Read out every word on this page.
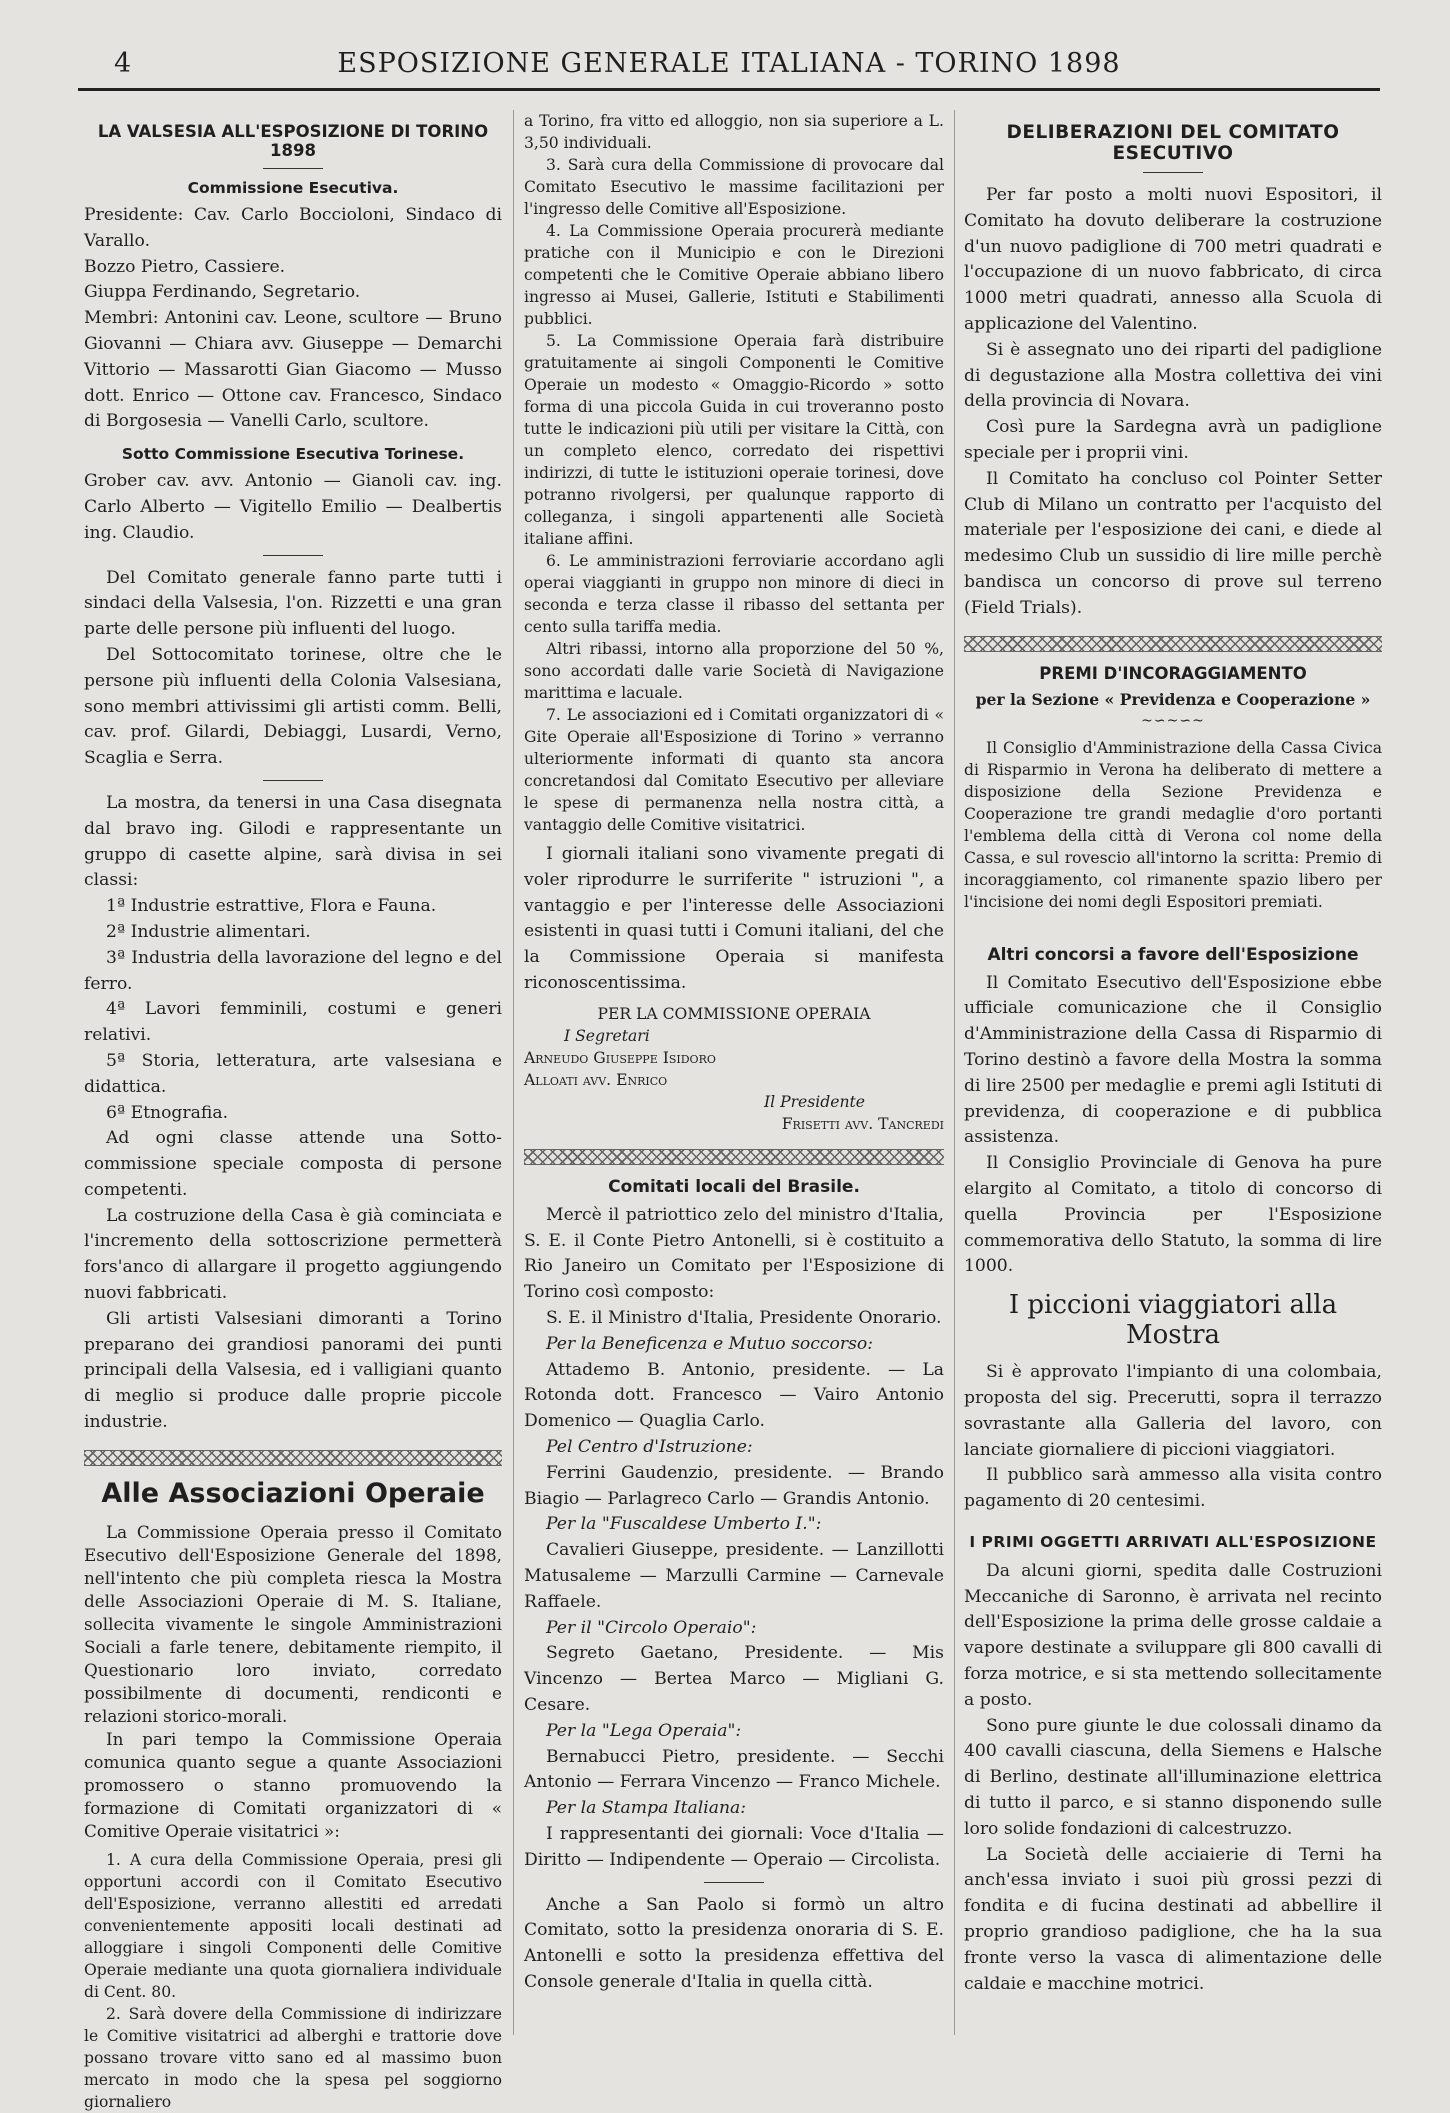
4	ESPOSIZIONE GENERALE ITALIANA - TORINO 1898
LA VALSESIA ALL'ESPOSIZIONE DI TORINO 1898
Commissione Esecutiva.

Presidente: Cav. Carlo Boccioloni, Sindaco di Varallo.

Bozzo Pietro, Cassiere.

Giuppa Ferdinando, Segretario.

Membri: Antonini cav. Leone, scultore — Bruno Giovanni — Chiara avv. Giuseppe — Demarchi Vittorio — Massarotti Gian Giacomo — Musso dott. Enrico — Ottone cav. Francesco, Sindaco di Borgosesia — Vanelli Carlo, scultore.

Sotto Commissione Esecutiva Torinese.

Grober cav. avv. Antonio — Gianoli cav. ing. Carlo Alberto — Vigitello Emilio — Dealbertis ing. Claudio.

Del Comitato generale fanno parte tutti i sindaci della Valsesia, l'on. Rizzetti e una gran parte delle persone più influenti del luogo.

Del Sottocomitato torinese, oltre che le persone più influenti della Colonia Valsesiana, sono membri attivissimi gli artisti comm. Belli, cav. prof. Gilardi, Debiaggi, Lusardi, Verno, Scaglia e Serra.

La mostra, da tenersi in una Casa disegnata dal bravo ing. Gilodi e rappresentante un gruppo di casette alpine, sarà divisa in sei classi:

1ª Industrie estrattive, Flora e Fauna.

2ª Industrie alimentari.

3ª Industria della lavorazione del legno e del ferro.

4ª Lavori femminili, costumi e generi relativi.

5ª Storia, letteratura, arte valsesiana e didattica.

6ª Etnografia.

Ad ogni classe attende una Sotto-commissione speciale composta di persone competenti.

La costruzione della Casa è già cominciata e l'incremento della sottoscrizione permetterà fors'anco di allargare il progetto aggiungendo nuovi fabbricati.

Gli artisti Valsesiani dimoranti a Torino preparano dei grandiosi panorami dei punti principali della Valsesia, ed i valligiani quanto di meglio si produce dalle proprie piccole industrie.

Alle Associazioni Operaie

La Commissione Operaia presso il Comitato Esecutivo dell'Esposizione Generale del 1898, nell'intento che più completa riesca la Mostra delle Associazioni Operaie di M. S. Italiane, sollecita vivamente le singole Amministrazioni Sociali a farle tenere, debitamente riempito, il Questionario loro inviato, corredato possibilmente di documenti, rendiconti e relazioni storico-morali.

In pari tempo la Commissione Operaia comunica quanto segue a quante Associazioni promossero o stanno promuovendo la formazione di Comitati organizzatori di « Comitive Operaie visitatrici »:

1. A cura della Commissione Operaia, presi gli opportuni accordi con il Comitato Esecutivo dell'Esposizione, verranno allestiti ed arredati convenientemente appositi locali destinati ad alloggiare i singoli Componenti delle Comitive Operaie mediante una quota giornaliera individuale di Cent. 80.

2. Sarà dovere della Commissione di indirizzare le Comitive visitatrici ad alberghi e trattorie dove possano trovare vitto sano ed al massimo buon mercato in modo che la spesa pel soggiorno giornaliero

a Torino, fra vitto ed alloggio, non sia superiore a L. 3,50 individuali.

3. Sarà cura della Commissione di provocare dal Comitato Esecutivo le massime facilitazioni per l'ingresso delle Comitive all'Esposizione.

4. La Commissione Operaia procurerà mediante pratiche con il Municipio e con le Direzioni competenti che le Comitive Operaie abbiano libero ingresso ai Musei, Gallerie, Istituti e Stabilimenti pubblici.

5. La Commissione Operaia farà distribuire gratuitamente ai singoli Componenti le Comitive Operaie un modesto « Omaggio-Ricordo » sotto forma di una piccola Guida in cui troveranno posto tutte le indicazioni più utili per visitare la Città, con un completo elenco, corredato dei rispettivi indirizzi, di tutte le istituzioni operaie torinesi, dove potranno rivolgersi, per qualunque rapporto di colleganza, i singoli appartenenti alle Società italiane affini.

6. Le amministrazioni ferroviarie accordano agli operai viaggianti in gruppo non minore di dieci in seconda e terza classe il ribasso del settanta per cento sulla tariffa media.

Altri ribassi, intorno alla proporzione del 50 %, sono accordati dalle varie Società di Navigazione marittima e lacuale.

7. Le associazioni ed i Comitati organizzatori di « Gite Operaie all'Esposizione di Torino » verranno ulteriormente informati di quanto sta ancora concretandosi dal Comitato Esecutivo per alleviare le spese di permanenza nella nostra città, a vantaggio delle Comitive visitatrici.

I giornali italiani sono vivamente pregati di voler riprodurre le surriferite " istruzioni ", a vantaggio e per l'interesse delle Associazioni esistenti in quasi tutti i Comuni italiani, del che la Commissione Operaia si manifesta riconoscentissima.

PER LA COMMISSIONE OPERAIA

I Segretari

Arneudo Giuseppe Isidoro

Alloati avv. Enrico

Il Presidente

Frisetti avv. Tancredi

Comitati locali del Brasile.

Mercè il patriottico zelo del ministro d'Italia, S. E. il Conte Pietro Antonelli, si è costituito a Rio Janeiro un Comitato per l'Esposizione di Torino così composto:

S. E. il Ministro d'Italia, Presidente Onorario.

Per la Beneficenza e Mutuo soccorso:

Attademo B. Antonio, presidente. — La Rotonda dott. Francesco — Vairo Antonio Domenico — Quaglia Carlo.

Pel Centro d'Istruzione:

Ferrini Gaudenzio, presidente. — Brando Biagio — Parlagreco Carlo — Grandis Antonio.

Per la "Fuscaldese Umberto I.":

Cavalieri Giuseppe, presidente. — Lanzillotti Matusaleme — Marzulli Carmine — Carnevale Raffaele.

Per il "Circolo Operaio":

Segreto Gaetano, Presidente. — Mis Vincenzo — Bertea Marco — Migliani G. Cesare.

Per la "Lega Operaia":

Bernabucci Pietro, presidente. — Secchi Antonio — Ferrara Vincenzo — Franco Michele.

Per la Stampa Italiana:

I rappresentanti dei giornali: Voce d'Italia — Diritto — Indipendente — Operaio — Circolista.

Anche a San Paolo si formò un altro Comitato, sotto la presidenza onoraria di S. E. Antonelli e sotto la presidenza effettiva del Console generale d'Italia in quella città.

DELIBERAZIONI DEL COMITATO ESECUTIVO

Per far posto a molti nuovi Espositori, il Comitato ha dovuto deliberare la costruzione d'un nuovo padiglione di 700 metri quadrati e l'occupazione di un nuovo fabbricato, di circa 1000 metri quadrati, annesso alla Scuola di applicazione del Valentino.

Si è assegnato uno dei riparti del padiglione di degustazione alla Mostra collettiva dei vini della provincia di Novara.

Così pure la Sardegna avrà un padiglione speciale per i proprii vini.

Il Comitato ha concluso col Pointer Setter Club di Milano un contratto per l'acquisto del materiale per l'esposizione dei cani, e diede al medesimo Club un sussidio di lire mille perchè bandisca un concorso di prove sul terreno (Field Trials).

PREMI D'INCORAGGIAMENTO

per la Sezione « Previdenza e Cooperazione »

~∽~∽~

Il Consiglio d'Amministrazione della Cassa Civica di Risparmio in Verona ha deliberato di mettere a disposizione della Sezione Previdenza e Cooperazione tre grandi medaglie d'oro portanti l'emblema della città di Verona col nome della Cassa, e sul rovescio all'intorno la scritta: Premio di incoraggiamento, col rimanente spazio libero per l'incisione dei nomi degli Espositori premiati.

Altri concorsi a favore dell'Esposizione

Il Comitato Esecutivo dell'Esposizione ebbe ufficiale comunicazione che il Consiglio d'Amministrazione della Cassa di Risparmio di Torino destinò a favore della Mostra la somma di lire 2500 per medaglie e premi agli Istituti di previdenza, di cooperazione e di pubblica assistenza.

Il Consiglio Provinciale di Genova ha pure elargito al Comitato, a titolo di concorso di quella Provincia per l'Esposizione commemorativa dello Statuto, la somma di lire 1000.

I piccioni viaggiatori alla Mostra

Si è approvato l'impianto di una colombaia, proposta del sig. Precerutti, sopra il terrazzo sovrastante alla Galleria del lavoro, con lanciate giornaliere di piccioni viaggiatori.

Il pubblico sarà ammesso alla visita contro pagamento di 20 centesimi.

I PRIMI OGGETTI ARRIVATI ALL'ESPOSIZIONE

Da alcuni giorni, spedita dalle Costruzioni Meccaniche di Saronno, è arrivata nel recinto dell'Esposizione la prima delle grosse caldaie a vapore destinate a sviluppare gli 800 cavalli di forza motrice, e si sta mettendo sollecitamente a posto.

Sono pure giunte le due colossali dinamo da 400 cavalli ciascuna, della Siemens e Halsche di Berlino, destinate all'illuminazione elettrica di tutto il parco, e si stanno disponendo sulle loro solide fondazioni di calcestruzzo.

La Società delle acciaierie di Terni ha anch'essa inviato i suoi più grossi pezzi di fondita e di fucina destinati ad abbellire il proprio grandioso padiglione, che ha la sua fronte verso la vasca di alimentazione delle caldaie e macchine motrici.
